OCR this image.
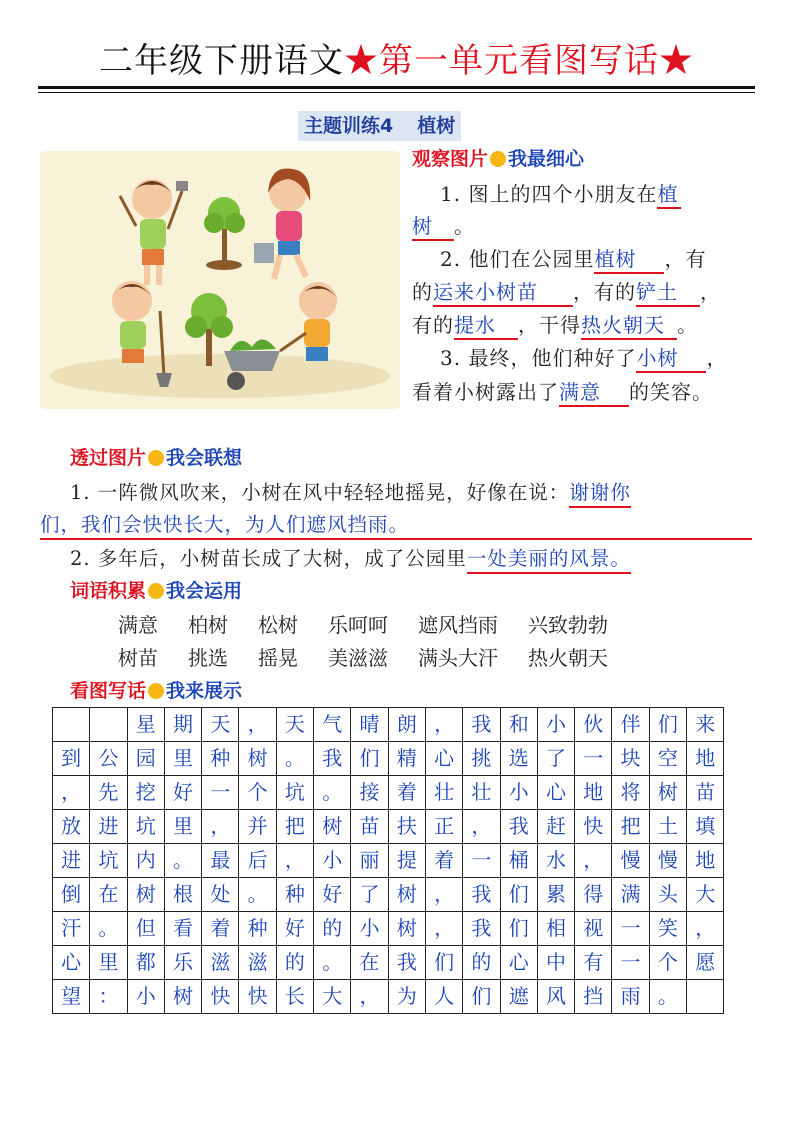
二年级下册语文★第一单元看图写话★
主题训练4 植树
观察图片 我最细心
1. 图上的四个小朋友在植
树 。
2. 他们在公园里植树 ，有
的运来小树苗 ，有的铲土 ，
有的提水 ，干得热火朝天 。
3. 最终，他们种好了小树 ，
看着小树露出了满意 的笑容。
透过图片 我会联想
1. 一阵微风吹来，小树在风中轻轻地摇晃，好像在说：谢谢你
们，我们会快快长大，为人们遮风挡雨。
2. 多年后，小树苗长成了大树，成了公园里一处美丽的风景。
词语积累 我会运用
满意 柏树 松树 乐呵呵 遮风挡雨 兴致勃勃
树苗 挑选 摇晃 美滋滋 满头大汗 热火朝天
看图写话 我来展示
		星	期	天	，	天	气	晴	朗	，	我	和	小	伙	伴	们	来
到	公	园	里	种	树	。	我	们	精	心	挑	选	了	一	块	空	地
，	先	挖	好	一	个	坑	。	接	着	壮	壮	小	心	地	将	树	苗
放	进	坑	里	，	并	把	树	苗	扶	正	，	我	赶	快	把	土	填
进	坑	内	。	最	后	，	小	丽	提	着	一	桶	水	，	慢	慢	地
倒	在	树	根	处	。	种	好	了	树	，	我	们	累	得	满	头	大
汗	。	但	看	着	种	好	的	小	树	，	我	们	相	视	一	笑	，
心	里	都	乐	滋	滋	的	。	在	我	们	的	心	中	有	一	个	愿
望	：	小	树	快	快	长	大	，	为	人	们	遮	风	挡	雨	。	
